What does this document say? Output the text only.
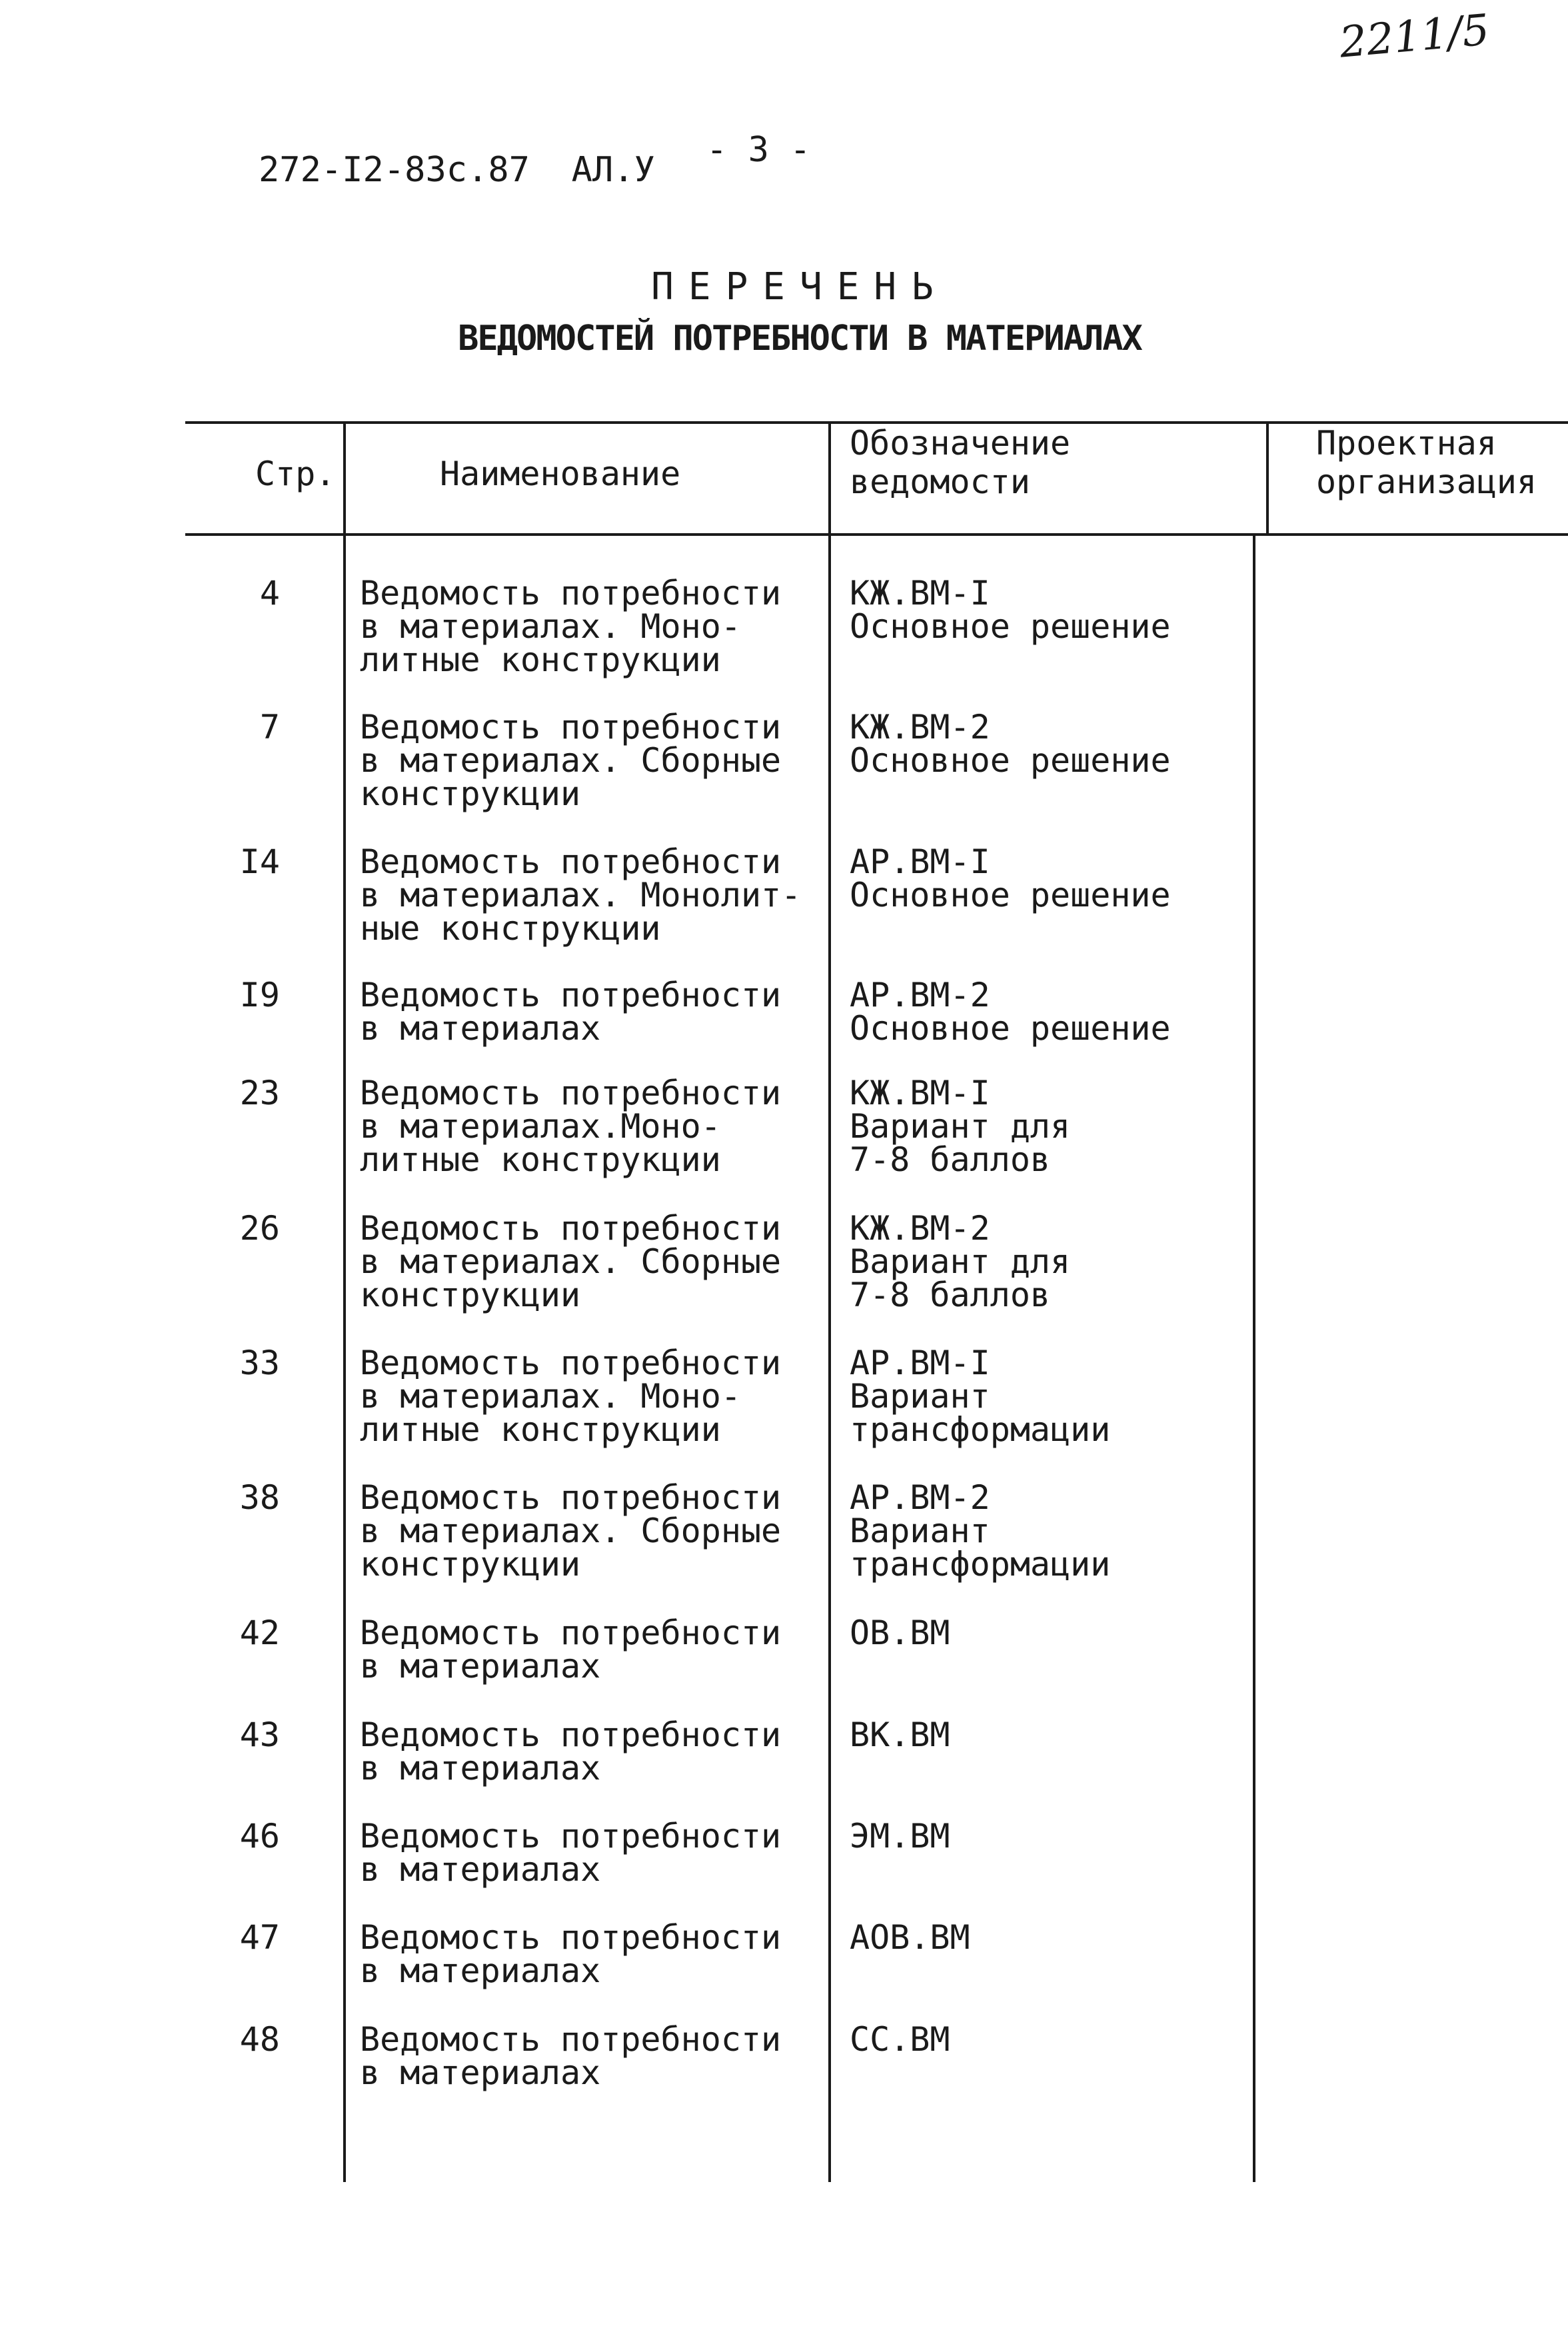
2211/5
272-I2-83с.87  АЛ.У - 3 -
ПЕРЕЧЕНЬ
ВЕДОМОСТЕЙ ПОТРЕБНОСТИ В МАТЕРИАЛАХ
Стр.	Наименование
Обозначение
ведомости
Проектная
организация
4 Ведомость потребности
в материалах. Моно-
литные конструкции
КЖ.ВМ-I
Основное решение
7 Ведомость потребности
в материалах. Сборные
конструкции
КЖ.ВМ-2
Основное решение
I4 Ведомость потребности
в материалах. Монолит-
ные конструкции
АР.ВМ-I
Основное решение
I9 Ведомость потребности
в материалах
АР.ВМ-2
Основное решение
23 Ведомость потребности
в материалах.Моно-
литные конструкции
КЖ.ВМ-I
Вариант для
7-8 баллов
26 Ведомость потребности
в материалах. Сборные
конструкции
КЖ.ВМ-2
Вариант для
7-8 баллов
33 Ведомость потребности
в материалах. Моно-
литные конструкции
АР.ВМ-I
Вариант
трансформации
38 Ведомость потребности
в материалах. Сборные
конструкции
АР.ВМ-2
Вариант
трансформации
42 Ведомость потребности
в материалах
ОВ.ВМ
43 Ведомость потребности
в материалах
ВК.ВМ
46 Ведомость потребности
в материалах
ЭМ.ВМ
47 Ведомость потребности
в материалах
АОВ.ВМ
48 Ведомость потребности
в материалах
СС.ВМ
